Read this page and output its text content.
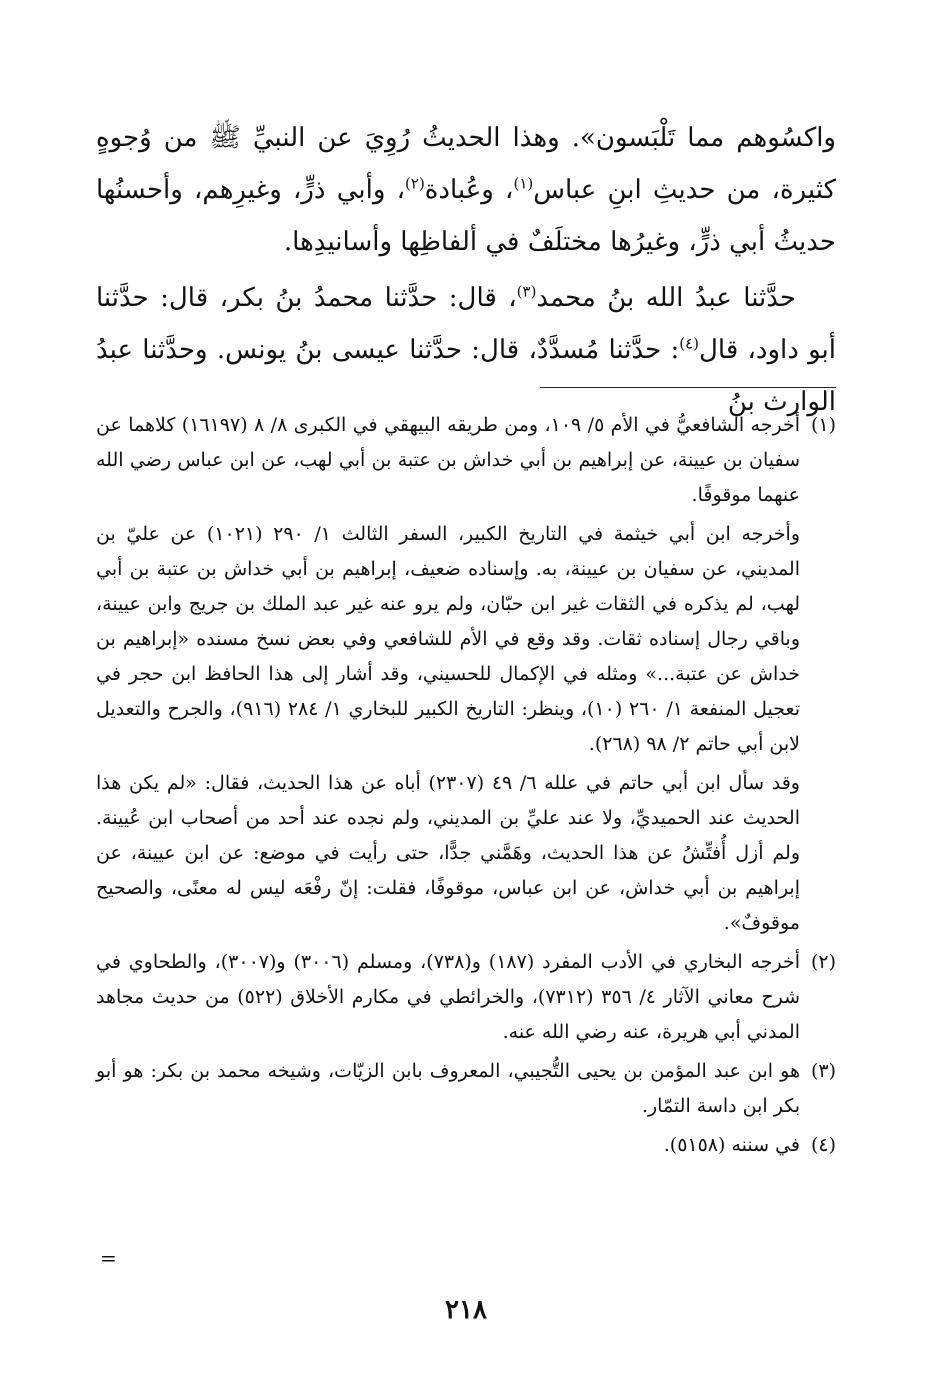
واكسُوهم مما تَلْبَسون». وهذا الحديثُ رُوِيَ عن النبيِّ ﷺ من وُجوهٍ كثيرة، من حديثِ ابنِ عباس$^{(١)}$، وعُبادة$^{(٢)}$، وأبي ذرٍّ، وغيرِهم، وأحسنُها حديثُ أبي ذرٍّ، وغيرُها مختلَفٌ في ألفاظِها وأسانيدِها.

حدَّثنا عبدُ الله بنُ محمد$^{(٣)}$، قال: حدَّثنا محمدُ بنُ بكر، قال: حدَّثنا أبو داود، قال$^{(٤)}$: حدَّثنا مُسدَّدٌ، قال: حدَّثنا عيسى بنُ يونس. وحدَّثنا عبدُ الوارث بنُ

(١)

أخرجه الشافعيُّ في الأم ٥/ ١٠٩، ومن طريقه البيهقي في الكبرى ٨/ ٨ (١٦١٩٧) كلاهما عن سفيان بن عيينة، عن إبراهيم بن أبي خداش بن عتبة بن أبي لهب، عن ابن عباس رضي الله عنهما موقوفًا.

وأخرجه ابن أبي خيثمة في التاريخ الكبير، السفر الثالث ١/ ٢٩٠ (١٠٢١) عن عليّ بن المديني، عن سفيان بن عيينة، به. وإسناده ضعيف، إبراهيم بن أبي خداش بن عتبة بن أبي لهب، لم يذكره في الثقات غير ابن حبّان، ولم يرو عنه غير عبد الملك بن جريج وابن عيينة، وباقي رجال إسناده ثقات. وقد وقع في الأم للشافعي وفي بعض نسخ مسنده «إبراهيم بن خداش عن عتبة...» ومثله في الإكمال للحسيني، وقد أشار إلى هذا الحافظ ابن حجر في تعجيل المنفعة ١/ ٢٦٠ (١٠)، وينظر: التاريخ الكبير للبخاري ١/ ٢٨٤ (٩١٦)، والجرح والتعديل لابن أبي حاتم ٢/ ٩٨ (٢٦٨).

وقد سأل ابن أبي حاتم في علله ٦/ ٤٩ (٢٣٠٧) أباه عن هذا الحديث، فقال: «لم يكن هذا الحديث عند الحميديِّ، ولا عند عليِّ بن المديني، ولم نجده عند أحد من أصحاب ابن عُيينة. ولم أزل أُفتِّشُ عن هذا الحديث، وهَمَّني جدًّا، حتى رأيت في موضع: عن ابن عيينة، عن إبراهيم بن أبي خداش، عن ابن عباس، موقوفًا، فقلت: إنّ رفْعَه ليس له معنًى، والصحيح موقوفٌ».

(٢)

أخرجه البخاري في الأدب المفرد (١٨٧) و(٧٣٨)، ومسلم (٣٠٠٦) و(٣٠٠٧)، والطحاوي في شرح معاني الآثار ٤/ ٣٥٦ (٧٣١٢)، والخرائطي في مكارم الأخلاق (٥٢٢) من حديث مجاهد المدني أبي هريرة، عنه رضي الله عنه.

(٣)

هو ابن عبد المؤمن بن يحيى التُّجيبي، المعروف بابن الزيّات، وشيخه محمد بن بكر: هو أبو بكر ابن داسة التمّار.

(٤)

في سننه (٥١٥٨).

=
٢١٨
